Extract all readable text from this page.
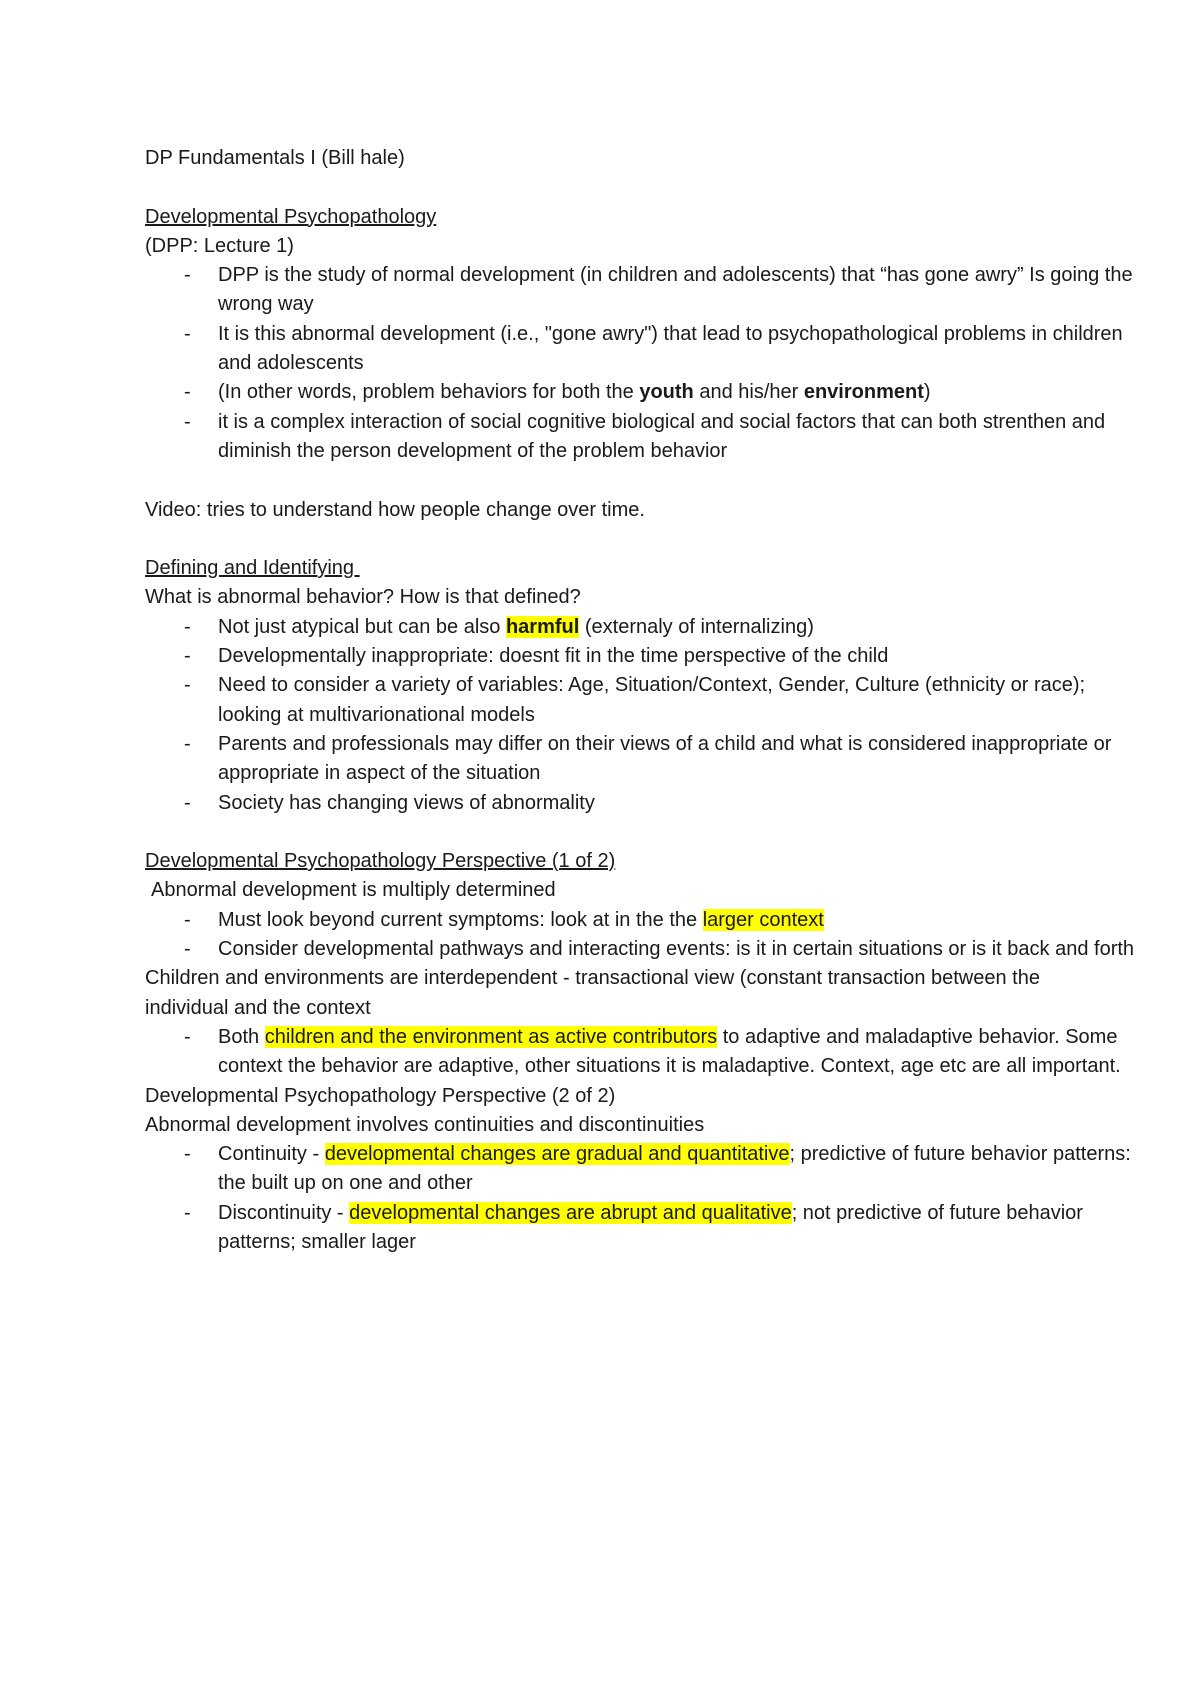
DP Fundamentals I (Bill hale)
Developmental Psychopathology
(DPP: Lecture 1)
- DPP is the study of normal development (in children and adolescents) that “has gone awry” Is going the wrong way
- It is this abnormal development (i.e., "gone awry") that lead to psychopathological problems in children and adolescents
- (In other words, problem behaviors for both the youth and his/her environment)
- it is a complex interaction of social cognitive biological and social factors that can both strenthen and diminish the person development of the problem behavior
Video: tries to understand how people change over time.
Defining and Identifying
What is abnormal behavior? How is that defined?
- Not just atypical but can be also harmful (externaly of internalizing)
- Developmentally inappropriate: doesnt fit in the time perspective of the child
- Need to consider a variety of variables: Age, Situation/Context, Gender, Culture (ethnicity or race); looking at multivarionational models
- Parents and professionals may differ on their views of a child and what is considered inappropriate or appropriate in aspect of the situation
- Society has changing views of abnormality
Developmental Psychopathology Perspective (1 of 2)
Abnormal development is multiply determined
- Must look beyond current symptoms: look at in the the larger context
- Consider developmental pathways and interacting events: is it in certain situations or is it back and forth
Children and environments are interdependent - transactional view (constant transaction between the individual and the context
- Both children and the environment as active contributors to adaptive and maladaptive behavior. Some context the behavior are adaptive, other situations it is maladaptive. Context, age etc are all important.
Developmental Psychopathology Perspective (2 of 2)
Abnormal development involves continuities and discontinuities
- Continuity - developmental changes are gradual and quantitative; predictive of future behavior patterns: the built up on one and other
- Discontinuity - developmental changes are abrupt and qualitative; not predictive of future behavior patterns; smaller lager
